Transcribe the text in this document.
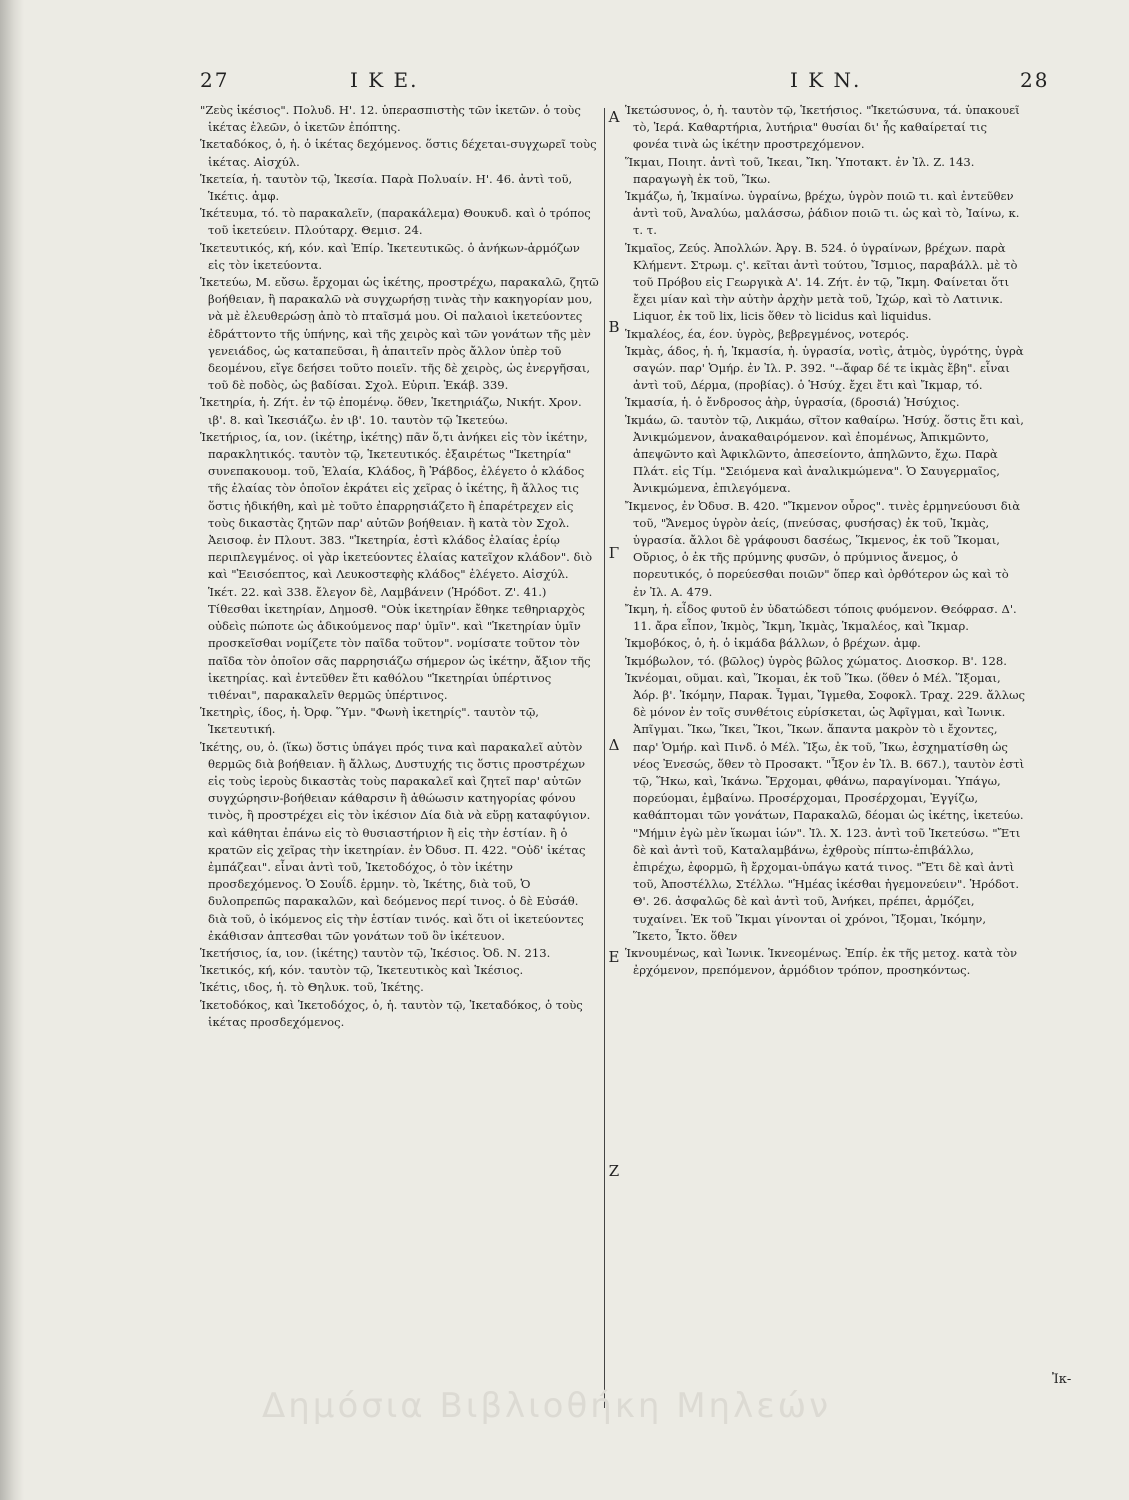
27	Ι Κ Ε.	Ι Κ Ν.	28

"Ζεὺς ἱκέσιος". Πολυδ. Η'. 12. ὑπερασπιστὴς τῶν ἱκετῶν. ὁ τοὺς ἱκέτας ἐλεῶν, ὁ ἱκετῶν ἐπόπτης.

Ἱκεταδόκος, ὁ, ἡ. ὁ ἱκέτας δεχόμενος. ὅστις δέχεται-συγχωρεῖ τοὺς ἱκέτας. Αἰσχύλ.

Ἱκετεία, ἡ. ταυτὸν τῷ, Ἱκεσία. Παρὰ Πολυαίν. Η'. 46. ἀντὶ τοῦ, Ἱκέτις. ἀμφ.

Ἱκέτευμα, τό. τὸ παρακαλεῖν, (παρακάλεμα) Θουκυδ. καὶ ὁ τρόπος τοῦ ἱκετεύειν. Πλούταρχ. Θεμισ. 24.

Ἱκετευτικός, κή, κόν. καὶ Ἐπίρ. Ἱκετευτικῶς. ὁ ἀνήκων-ἁρμόζων εἰς τὸν ἱκετεύοντα.

Ἱκετεύω, Μ. εὔσω. ἔρχομαι ὡς ἱκέτης, προστρέχω, παρακαλῶ, ζητῶ βοήθειαν, ἢ παρακαλῶ νὰ συγχωρήσῃ τινὰς τὴν κακηγορίαν μου, νὰ μὲ ἐλευθερώσῃ ἀπὸ τὸ πταῖσμά μου. Οἱ παλαιοὶ ἱκετεύοντες ἐδράττοντο τῆς ὑπήνης, καὶ τῆς χειρὸς καὶ τῶν γονάτων τῆς μὲν γενειάδος, ὡς καταπεῦσαι, ἢ ἀπαιτεῖν πρὸς ἄλλον ὑπὲρ τοῦ δεομένου, εἴγε δεήσει τοῦτο ποιεῖν. τῆς δὲ χειρὸς, ὡς ἐνεργῆσαι, τοῦ δὲ ποδὸς, ὡς βαδίσαι. Σχολ. Εὐριπ. Ἑκάβ. 339.

Ἱκετηρία, ἡ. Ζήτ. ἐν τῷ ἐπομένῳ. ὅθεν, Ἱκετηριάζω, Νικήτ. Χρον. ιβ'. 8. καὶ Ἱκεσιάζω. ἐν ιβ'. 10. ταυτὸν τῷ Ἱκετεύω.

Ἱκετήριος, ία, ιον. (ἱκέτηρ, ἱκέτης) πᾶν ὅ,τι ἀνήκει εἰς τὸν ἱκέτην, παρακλητικός. ταυτὸν τῷ, Ἱκετευτικός. ἐξαιρέτως "Ἱκετηρία" συνεπακουομ. τοῦ, Ἐλαία, Κλάδος, ἢ Ῥάβδος, ἐλέγετο ὁ κλάδος τῆς ἐλαίας τὸν ὁποῖον ἐκράτει εἰς χεῖρας ὁ ἱκέτης, ἢ ἄλλος τις ὅστις ἠδικήθη, καὶ μὲ τοῦτο ἐπαρρησιάζετο ἢ ἐπαρέτρεχεν εἰς τοὺς δικαστὰς ζητῶν παρ' αὐτῶν βοήθειαν. ἢ κατὰ τὸν Σχολ. Ἀεισοφ. ἐν Πλουτ. 383. "Ἱκετηρία, ἐστὶ κλάδος ἐλαίας ἐρίῳ περιπλεγμένος. οἱ γὰρ ἱκετεύοντες ἐλαίας κατεῖχον κλάδον". διὸ καὶ "Ἐεισόεπτος, καὶ Λευκοστεφὴς κλάδος" ἐλέγετο. Αἰσχύλ. Ἱκέτ. 22. καὶ 338. ἔλεγον δὲ, Λαμβάνειν (Ἡρόδοτ. Ζ'. 41.) Τίθεσθαι ἱκετηρίαν, Δημοσθ. "Οὐκ ἱκετηρίαν ἔθηκε τεθηριαρχὸς οὐδεὶς πώποτε ὡς ἀδικούμενος παρ' ὑμῖν". καὶ "Ἱκετηρίαν ὑμῖν προσκεῖσθαι νομίζετε τὸν παῖδα τοῦτον". νομίσατε τοῦτον τὸν παῖδα τὸν ὁποῖον σᾶς παρρησιάζω σήμερον ὡς ἱκέτην, ἄξιον τῆς ἱκετηρίας. καὶ ἐντεῦθεν ἔτι καθόλου "Ἱκετηρίαι ὑπέρτινος τιθέναι", παρακαλεῖν θερμῶς ὑπέρτινος.

Ἱκετηρὶς, ίδος, ἡ. Ὀρφ. Ὕμν. "Φωνὴ ἱκετηρίς". ταυτὸν τῷ, Ἱκετευτική.

Ἱκέτης, ου, ὁ. (ἵκω) ὅστις ὑπάγει πρός τινα καὶ παρακαλεῖ αὐτὸν θερμῶς διὰ βοήθειαν. ἢ ἄλλως, Δυστυχής τις ὅστις προστρέχων εἰς τοὺς ἱεροὺς δικαστὰς τοὺς παρακαλεῖ καὶ ζητεῖ παρ' αὐτῶν συγχώρησιν-βοήθειαν κάθαρσιν ἢ ἀθώωσιν κατηγορίας φόνου τινὸς, ἢ προστρέχει εἰς τὸν ἱκέσιον Δία διὰ νὰ εὕρῃ καταφύγιον. καὶ κάθηται ἐπάνω εἰς τὸ θυσιαστήριον ἢ εἰς τὴν ἑστίαν. ἢ ὁ κρατῶν εἰς χεῖρας τὴν ἱκετηρίαν. ἐν Ὀδυσ. Π. 422. "Οὐδ' ἱκέτας ἐμπάζεαι". εἶναι ἀντὶ τοῦ, Ἱκετοδόχος, ὁ τὸν ἱκέτην προσδεχόμενος. Ὁ Σουΐδ. ἑρμην. τὸ, Ἱκέτης, διὰ τοῦ, Ὁ δυλοπρεπῶς παρακαλῶν, καὶ δεόμενος περί τινος. ὁ δὲ Εὐσάθ. διὰ τοῦ, ὁ ἱκόμενος εἰς τὴν ἑστίαν τινός. καὶ ὅτι οἱ ἱκετεύοντες ἐκάθισαν ἀπτεσθαι τῶν γονάτων τοῦ ὃν ἱκέτευον.

Ἱκετήσιος, ία, ιον. (ἱκέτης) ταυτὸν τῷ, Ἱκέσιος. Ὀδ. Ν. 213.

Ἱκετικός, κή, κόν. ταυτὸν τῷ, Ἱκετευτικὸς καὶ Ἱκέσιος.

Ἱκέτις, ιδος, ἡ. τὸ Θηλυκ. τοῦ, Ἱκέτης.

Ἱκετοδόκος, καὶ Ἱκετοδόχος, ὁ, ἡ. ταυτὸν τῷ, Ἱκεταδόκος, ὁ τοὺς ἱκέτας προσδεχόμενος.

Α
Β
Γ
Δ
Ε
Ζ

Ἱκετώσυνος, ὁ, ἡ. ταυτὸν τῷ, Ἱκετήσιος. "Ἱκετώσυνα, τά. ὑπακουεῖ τὸ, Ἱερά. Καθαρτήρια, λυτήρια" θυσίαι δι' ἧς καθαίρεταί τις φονέα τινὰ ὡς ἱκέτην προστρεχόμενον.

Ἵκμαι, Ποιητ. ἀντὶ τοῦ, Ἱκεαι, Ἴκη. Ὑποτακτ. ἐν Ἰλ. Ζ. 143. παραγωγὴ ἐκ τοῦ, Ἵκω.

Ἱκμάζω, ἡ, Ἱκμαίνω. ὑγραίνω, βρέχω, ὑγρὸν ποιῶ τι. καὶ ἐντεῦθεν ἀντὶ τοῦ, Ἀναλύω, μαλάσσω, ῥάδιον ποιῶ τι. ὡς καὶ τὸ, Ἰαίνω, κ. τ. τ.

Ἱκμαῖος, Ζεύς. Ἀπολλών. Ἀργ. Β. 524. ὁ ὑγραίνων, βρέχων. παρὰ Κλήμεντ. Στρωμ. ς'. κεῖται ἀντὶ τούτου, Ἴσμιος, παραβάλλ. μὲ τὸ τοῦ Πρόβου εἰς Γεωργικὰ Α'. 14. Ζήτ. ἐν τῷ, Ἴκμη. Φαίνεται ὅτι ἔχει μίαν καὶ τὴν αὐτὴν ἀρχὴν μετὰ τοῦ, Ἰχώρ, καὶ τὸ Λατινικ. Liquor, ἐκ τοῦ lix, licis ὅθεν τὸ licidus καὶ liquidus.

Ἱκμαλέος, έα, έον. ὑγρὸς, βεβρεγμένος, νοτερός.

Ἱκμὰς, άδος, ἡ. ἡ, Ἱκμασία, ἡ. ὑγρασία, νοτὶς, ἀτμὸς, ὑγρότης, ὑγρὰ σαγών. παρ' Ὁμήρ. ἐν Ἰλ. Ρ. 392. "--ἄφαρ δέ τε ἰκμὰς ἔβη". εἶναι ἀντὶ τοῦ, Δέρμα, (προβίας). ὁ Ἡσύχ. ἔχει ἔτι καὶ Ἴκμαρ, τό.

Ἱκμασία, ἡ. ὁ ἔνδροσος ἀὴρ, ὑγρασία, (δροσιά) Ἡσύχιος.

Ἱκμάω, ῶ. ταυτὸν τῷ, Λικμάω, σῖτον καθαίρω. Ἡσύχ. ὅστις ἔτι καὶ, Ἀνικμώμενον, ἀνακαθαιρόμενον. καὶ ἐπομένως, Ἀπικμῶντο, ἀπεψῶντο καὶ Ἀφικλῶντο, ἀπεσείοντο, ἀπηλῶντο, ἔχω. Παρὰ Πλάτ. εἰς Τίμ. "Σειόμενα καὶ ἀναλικμώμενα". Ὁ Σαυγερμαῖος, Ἀνικμώμενα, ἐπιλεγόμενα.

Ἴκμενος, ἐν Ὀδυσ. Β. 420. "Ἴκμενον οὖρος". τινὲς ἑρμηνεύουσι διὰ τοῦ, "Ἄνεμος ὑγρὸν ἀείς, (πνεύσας, φυσήσας) ἐκ τοῦ, Ἱκμὰς, ὑγρασία. ἄλλοι δὲ γράφουσι δασέως, Ἵκμενος, ἐκ τοῦ Ἵκομαι, Οὔριος, ὁ ἐκ τῆς πρύμνης φυσῶν, ὁ πρύμνιος ἄνεμος, ὁ πορευτικός, ὁ πορεύεσθαι ποιῶν" ὅπερ καὶ ὀρθότερον ὡς καὶ τὸ ἐν Ἰλ. Α. 479.

Ἴκμη, ἡ. εἶδος φυτοῦ ἐν ὑδατώδεσι τόποις φυόμενον. Θεόφρασ. Δ'. 11. ἄρα εἶπον, Ἱκμὸς, Ἴκμη, Ἰκμὰς, Ἱκμαλέος, καὶ Ἴκμαρ.

Ἱκμοβόκος, ὁ, ἡ. ὁ ἰκμάδα βάλλων, ὁ βρέχων. ἀμφ.

Ἱκμόβωλον, τό. (βῶλος) ὑγρὸς βῶλος χώματος. Διοσκορ. Β'. 128.

Ἱκνέομαι, οῦμαι. καὶ, Ἵκομαι, ἐκ τοῦ Ἵκω. (ὅθεν ὁ Μέλ. Ἵξομαι, Ἀόρ. β'. Ἱκόμην, Παρακ. Ἶγμαι, Ἴγμεθα, Σοφοκλ. Τραχ. 229. ἄλλως δὲ μόνον ἐν τοῖς συνθέτοις εὑρίσκεται, ὡς Ἀφῖγμαι, καὶ Ἰωνικ. Ἀπῖγμαι. Ἵκω, Ἵκει, Ἵκοι, Ἵκων. ἅπαντα μακρὸν τὸ ι ἔχοντες, παρ' Ὁμήρ. καὶ Πινδ. ὁ Μέλ. Ἵξω, ἐκ τοῦ, Ἵκω, ἐσχηματίσθη ὡς νέος Ἐνεσώς, ὅθεν τὸ Προσακτ. "Ἷξον ἐν Ἰλ. Β. 667.), ταυτὸν ἐστὶ τῷ, Ἥκω, καὶ, Ἱκάνω. Ἔρχομαι, φθάνω, παραγίνομαι. Ὑπάγω, πορεύομαι, ἐμβαίνω. Προσέρχομαι, Προσέρχομαι, Ἐγγίζω, καθάπτομαι τῶν γονάτων, Παρακαλῶ, δέομαι ὡς ἱκέτης, ἱκετεύω. "Μήμιν ἐγὼ μὲν ἵκωμαι ἰών". Ἰλ. Χ. 123. ἀντὶ τοῦ Ἱκετεύσω. "Ἔτι δὲ καὶ ἀντὶ τοῦ, Καταλαμβάνω, ἐχθροὺς πίπτω-ἐπιβάλλω, ἐπιρέχω, ἐφορμῶ, ἢ ἔρχομαι-ὑπάγω κατά τινος. "Ἔτι δὲ καὶ ἀντὶ τοῦ, Ἀποστέλλω, Στέλλω. "Ἡμέας ἱκέσθαι ἡγεμονεύειν". Ἡρόδοτ. Θ'. 26. ἀσφαλῶς δὲ καὶ ἀντὶ τοῦ, Ἀνήκει, πρέπει, ἁρμόζει, τυχαίνει. Ἐκ τοῦ Ἵκμαι γίνονται οἱ χρόνοι, Ἵξομαι, Ἱκόμην, Ἵκετο, Ἷκτο. ὅθεν

Ἱκνουμένως, καὶ Ἰωνικ. Ἱκνεομένως. Ἐπίρ. ἐκ τῆς μετοχ. κατὰ τὸν ἐρχόμενον, πρεπόμενον, ἁρμόδιον τρόπον, προσηκόντως.

Ἰκ-
Δημόσια Βιβλιοθήκη Μηλεών
